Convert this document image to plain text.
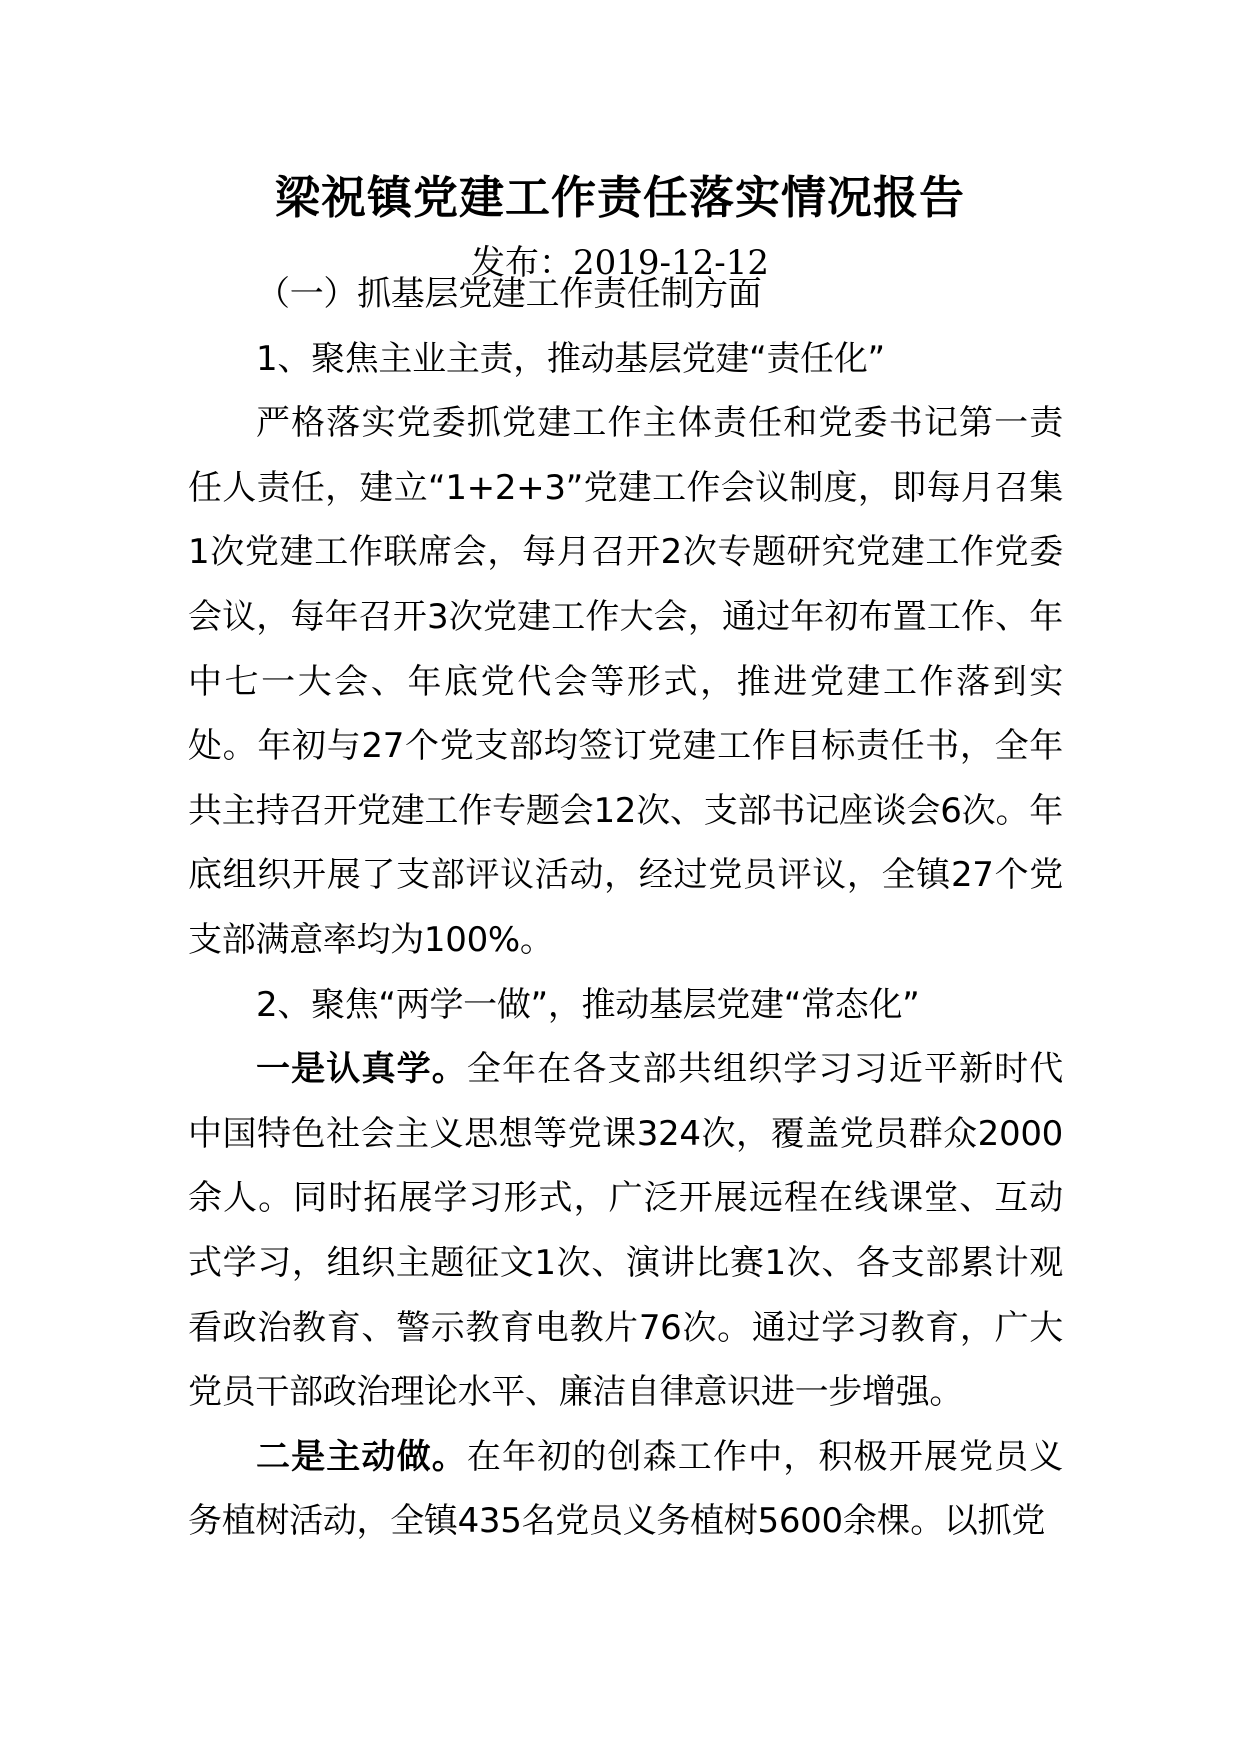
梁祝镇党建工作责任落实情况报告
发布：2019-12-12

（一）抓基层党建工作责任制方面

1、聚焦主业主责，推动基层党建“责任化”

严格落实党委抓党建工作主体责任和党委书记第一责任人责任，建立“1+2+3”党建工作会议制度，即每月召集1次党建工作联席会，每月召开2次专题研究党建工作党委会议，每年召开3次党建工作大会，通过年初布置工作、年中七一大会、年底党代会等形式，推进党建工作落到实处。年初与27个党支部均签订党建工作目标责任书，全年共主持召开党建工作专题会12次、支部书记座谈会6次。年底组织开展了支部评议活动，经过党员评议，全镇27个党支部满意率均为100%。

2、聚焦“两学一做”，推动基层党建“常态化”

一是认真学。全年在各支部共组织学习习近平新时代中国特色社会主义思想等党课324次，覆盖党员群众2000余人。同时拓展学习形式，广泛开展远程在线课堂、互动式学习，组织主题征文1次、演讲比赛1次、各支部累计观看政治教育、警示教育电教片76次。通过学习教育，广大党员干部政治理论水平、廉洁自律意识进一步增强。

二是主动做。在年初的创森工作中，积极开展党员义务植树活动，全镇435名党员义务植树5600余棵。以抓党
